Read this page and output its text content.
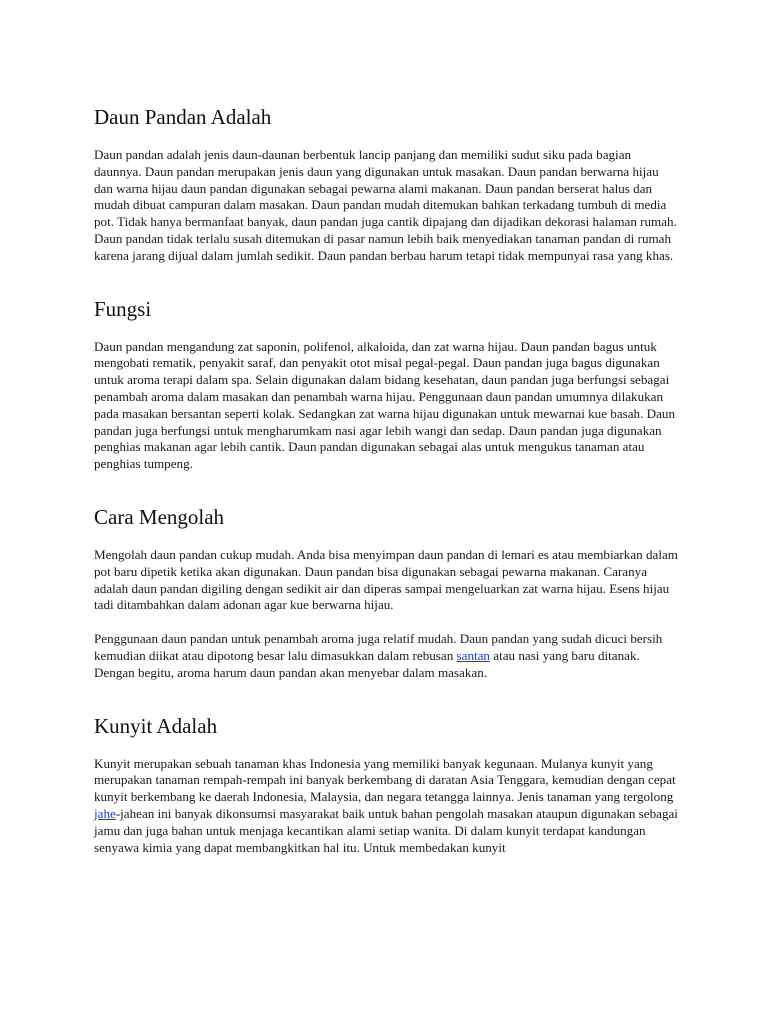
Daun Pandan Adalah

Daun pandan adalah jenis daun-daunan berbentuk lancip panjang dan memiliki sudut siku pada bagian daunnya. Daun pandan merupakan jenis daun yang digunakan untuk masakan. Daun pandan berwarna hijau dan warna hijau daun pandan digunakan sebagai pewarna alami makanan. Daun pandan berserat halus dan mudah dibuat campuran dalam masakan. Daun pandan mudah ditemukan bahkan terkadang tumbuh di media pot. Tidak hanya bermanfaat banyak, daun pandan juga cantik dipajang dan dijadikan dekorasi halaman rumah. Daun pandan tidak terlalu susah ditemukan di pasar namun lebih baik menyediakan tanaman pandan di rumah karena jarang dijual dalam jumlah sedikit. Daun pandan berbau harum tetapi tidak mempunyai rasa yang khas.

Fungsi

Daun pandan mengandung zat saponin, polifenol, alkaloida, dan zat warna hijau. Daun pandan bagus untuk mengobati rematik, penyakit saraf, dan penyakit otot misal pegal-pegal. Daun pandan juga bagus digunakan untuk aroma terapi dalam spa. Selain digunakan dalam bidang kesehatan, daun pandan juga berfungsi sebagai penambah aroma dalam masakan dan penambah warna hijau. Penggunaan daun pandan umumnya dilakukan pada masakan bersantan seperti kolak. Sedangkan zat warna hijau digunakan untuk mewarnai kue basah. Daun pandan juga berfungsi untuk mengharumkam nasi agar lebih wangi dan sedap. Daun pandan juga digunakan penghias makanan agar lebih cantik. Daun pandan digunakan sebagai alas untuk mengukus tanaman atau penghias tumpeng.

Cara Mengolah

Mengolah daun pandan cukup mudah. Anda bisa menyimpan daun pandan di lemari es atau membiarkan dalam pot baru dipetik ketika akan digunakan. Daun pandan bisa digunakan sebagai pewarna makanan. Caranya adalah daun pandan digiling dengan sedikit air dan diperas sampai mengeluarkan zat warna hijau. Esens hijau tadi ditambahkan dalam adonan agar kue berwarna hijau.

Penggunaan daun pandan untuk penambah aroma juga relatif mudah. Daun pandan yang sudah dicuci bersih kemudian diikat atau dipotong besar lalu dimasukkan dalam rebusan santan atau nasi yang baru ditanak. Dengan begitu, aroma harum daun pandan akan menyebar dalam masakan.

Kunyit Adalah

Kunyit merupakan sebuah tanaman khas Indonesia yang memiliki banyak kegunaan. Mulanya kunyit yang merupakan tanaman rempah-rempah ini banyak berkembang di daratan Asia Tenggara, kemudian dengan cepat kunyit berkembang ke daerah Indonesia, Malaysia, dan negara tetangga lainnya. Jenis tanaman yang tergolong jahe-jahean ini banyak dikonsumsi masyarakat baik untuk bahan pengolah masakan ataupun digunakan sebagai jamu dan juga bahan untuk menjaga kecantikan alami setiap wanita. Di dalam kunyit terdapat kandungan senyawa kimia yang dapat membangkitkan hal itu. Untuk membedakan kunyit
